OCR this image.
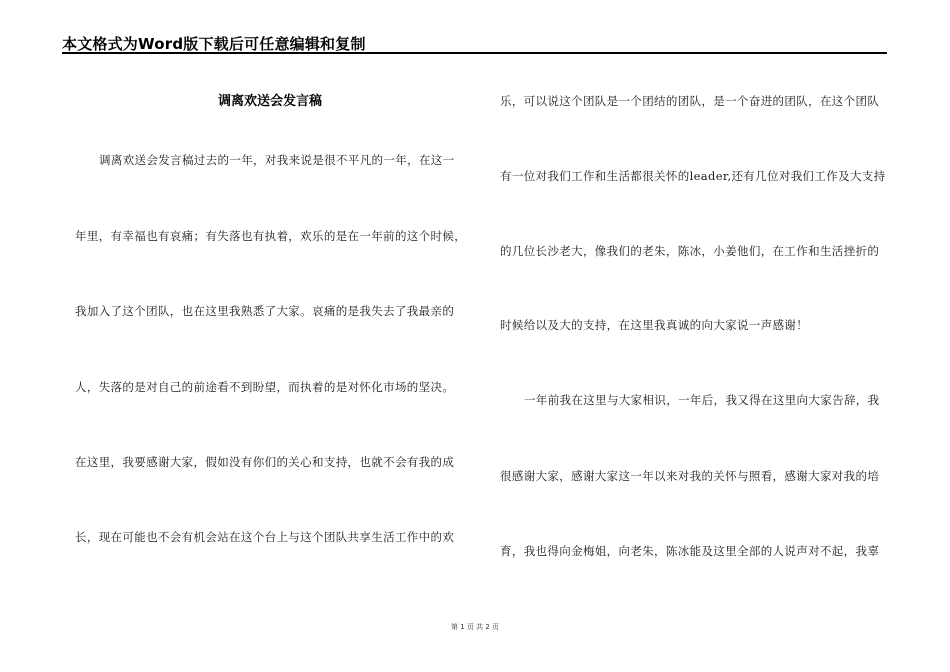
本文格式为Word版下载后可任意编辑和复制
调离欢送会发言稿
调离欢送会发言稿过去的一年，对我来说是很不平凡的一年，在这一
年里，有幸福也有哀痛；有失落也有执着，欢乐的是在一年前的这个时候，
我加入了这个团队，也在这里我熟悉了大家。哀痛的是我失去了我最亲的
人，失落的是对自己的前途看不到盼望，而执着的是对怀化市场的坚决。
在这里，我要感谢大家，假如没有你们的关心和支持，也就不会有我的成
长，现在可能也不会有机会站在这个台上与这个团队共享生活工作中的欢
乐，可以说这个团队是一个团结的团队，是一个奋进的团队，在这个团队
有一位对我们工作和生活都很关怀的leader,还有几位对我们工作及大支持
的几位长沙老大，像我们的老朱，陈冰，小姜他们，在工作和生活挫折的
时候给以及大的支持，在这里我真诚的向大家说一声感谢！
一年前我在这里与大家相识，一年后，我又得在这里向大家告辞，我
很感谢大家，感谢大家这一年以来对我的关怀与照看，感谢大家对我的培
育，我也得向金梅姐，向老朱，陈冰能及这里全部的人说声对不起，我辜
第 1 页 共 2 页
